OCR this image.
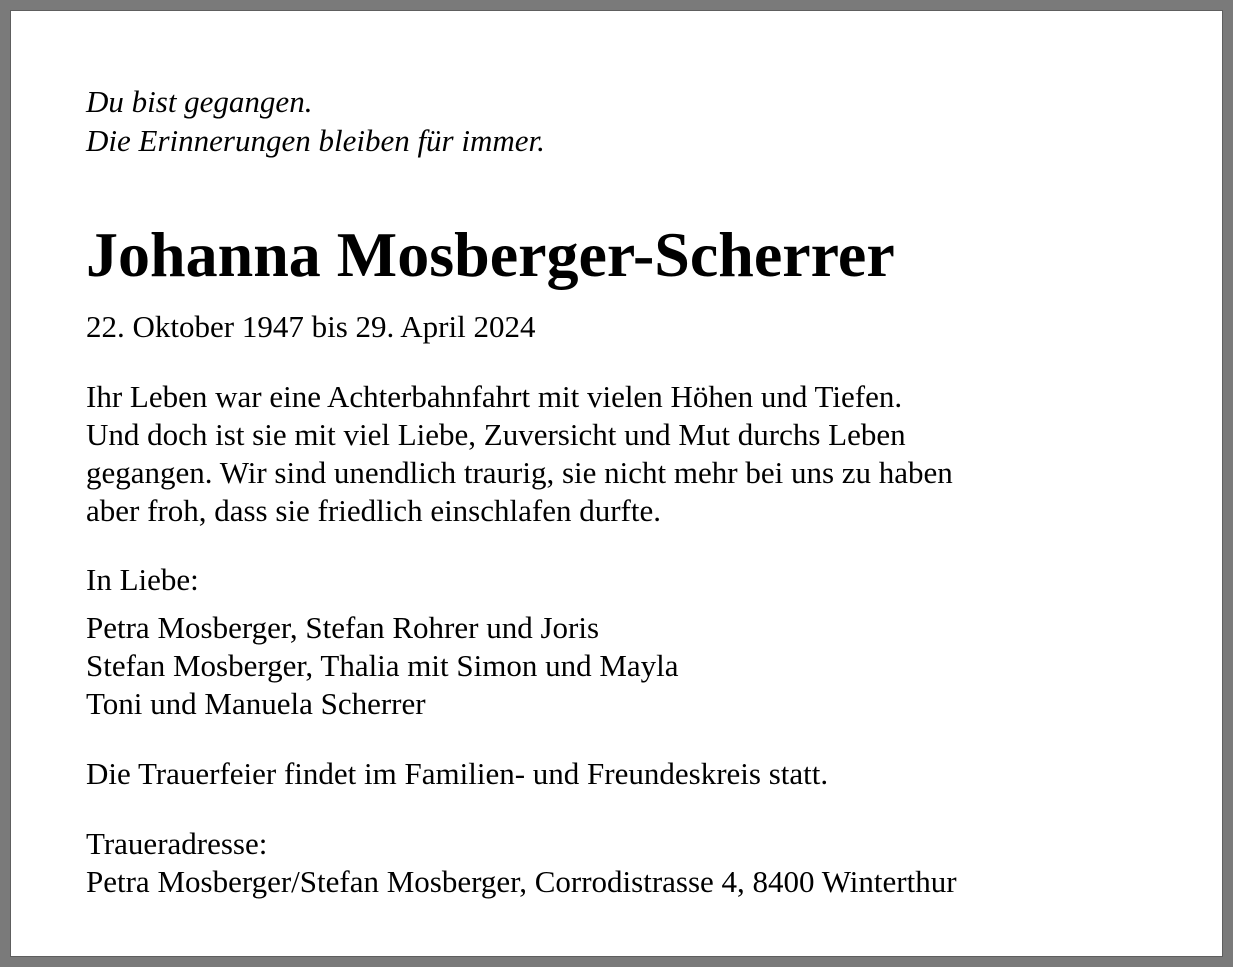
Du bist gegangen.
Die Erinnerungen bleiben für immer.

Johanna Mosberger-Scherrer

22. Oktober 1947 bis 29. April 2024

Ihr Leben war eine Achterbahnfahrt mit vielen Höhen und Tiefen.
Und doch ist sie mit viel Liebe, Zuversicht und Mut durchs Leben
gegangen. Wir sind unendlich traurig, sie nicht mehr bei uns zu haben
aber froh, dass sie friedlich einschlafen durfte.

In Liebe:

Petra Mosberger, Stefan Rohrer und Joris
Stefan Mosberger, Thalia mit Simon und Mayla
Toni und Manuela Scherrer

Die Trauerfeier findet im Familien- und Freundeskreis statt.

Traueradresse:
Petra Mosberger/Stefan Mosberger, Corrodistrasse 4, 8400 Winterthur
